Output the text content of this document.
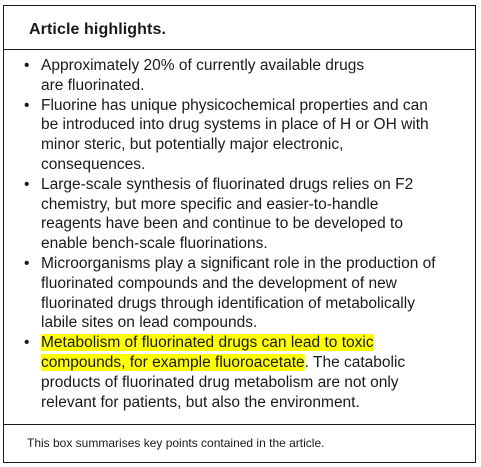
Article highlights.
• Approximately 20% of currently available drugs are fluorinated.
• Fluorine has unique physicochemical properties and can be introduced into drug systems in place of H or OH with minor steric, but potentially major electronic, consequences.
• Large-scale synthesis of fluorinated drugs relies on F2 chemistry, but more specific and easier-to-handle reagents have been and continue to be developed to enable bench-scale fluorinations.
• Microorganisms play a significant role in the production of fluorinated compounds and the development of new fluorinated drugs through identification of metabolically labile sites on lead compounds.
• Metabolism of fluorinated drugs can lead to toxic compounds, for example fluoroacetate. The catabolic products of fluorinated drug metabolism are not only relevant for patients, but also the environment.
This box summarises key points contained in the article.
